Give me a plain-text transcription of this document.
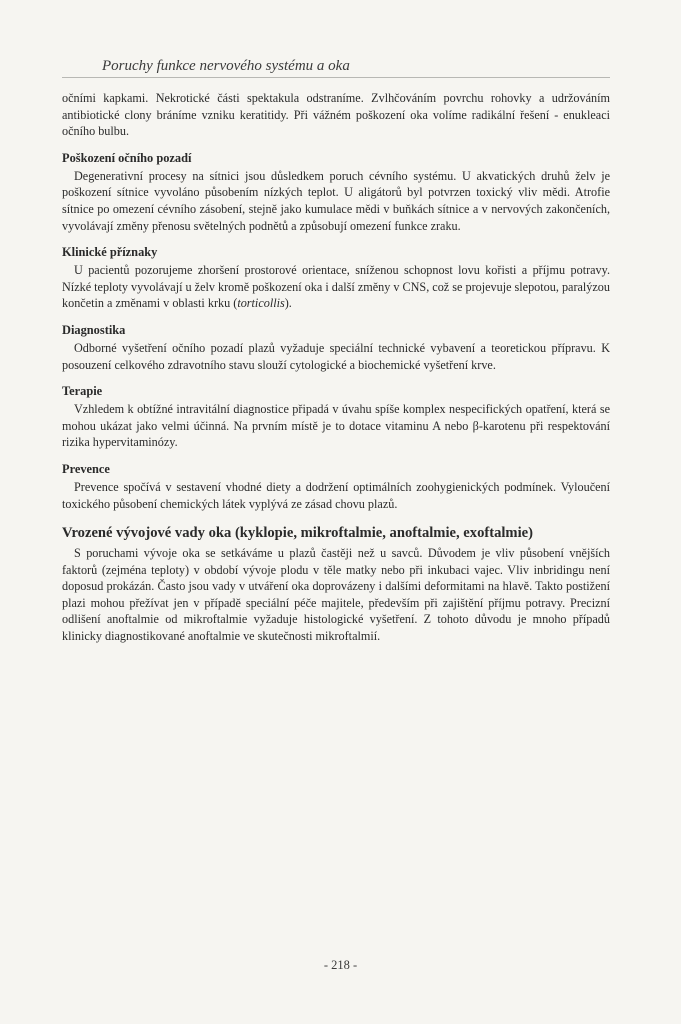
Poruchy funkce nervového systému a oka

očními kapkami. Nekrotické části spektakula odstraníme. Zvlhčováním povrchu rohovky a udržováním antibiotické clony bráníme vzniku keratitidy. Při vážném poškození oka volíme radikální řešení - enukleaci očního bulbu.

Poškození očního pozadí

Degenerativní procesy na sítnici jsou důsledkem poruch cévního systému. U akvatických druhů želv je poškození sítnice vyvoláno působením nízkých teplot. U aligátorů byl potvrzen toxický vliv mědi. Atrofie sítnice po omezení cévního zásobení, stejně jako kumulace mědi v buňkách sítnice a v nervových zakončeních, vyvolávají změny přenosu světelných podnětů a způsobují omezení funkce zraku.

Klinické příznaky

U pacientů pozorujeme zhoršení prostorové orientace, sníženou schopnost lovu kořisti a příjmu potravy. Nízké teploty vyvolávají u želv kromě poškození oka i další změny v CNS, což se projevuje slepotou, paralýzou končetin a změnami v oblasti krku (torticollis).

Diagnostika

Odborné vyšetření očního pozadí plazů vyžaduje speciální technické vybavení a teoretickou přípravu. K posouzení celkového zdravotního stavu slouží cytologické a biochemické vyšetření krve.

Terapie

Vzhledem k obtížné intravitální diagnostice připadá v úvahu spíše komplex nespecifických opatření, která se mohou ukázat jako velmi účinná. Na prvním místě je to dotace vitaminu A nebo β-karotenu při respektování rizika hypervitaminózy.

Prevence

Prevence spočívá v sestavení vhodné diety a dodržení optimálních zoohygienických podmínek. Vyloučení toxického působení chemických látek vyplývá ze zásad chovu plazů.

Vrozené vývojové vady oka (kyklopie, mikroftalmie, anoftalmie, exoftalmie)

S poruchami vývoje oka se setkáváme u plazů častěji než u savců. Důvodem je vliv působení vnějších faktorů (zejména teploty) v období vývoje plodu v těle matky nebo při inkubaci vajec. Vliv inbridingu není doposud prokázán. Často jsou vady v utváření oka doprovázeny i dalšími deformitami na hlavě. Takto postižení plazi mohou přežívat jen v případě speciální péče majitele, především při zajištění příjmu potravy. Precizní odlišení anoftalmie od mikroftalmie vyžaduje histologické vyšetření. Z tohoto důvodu je mnoho případů klinicky diagnostikované anoftalmie ve skutečnosti mikroftalmií.

- 218 -
